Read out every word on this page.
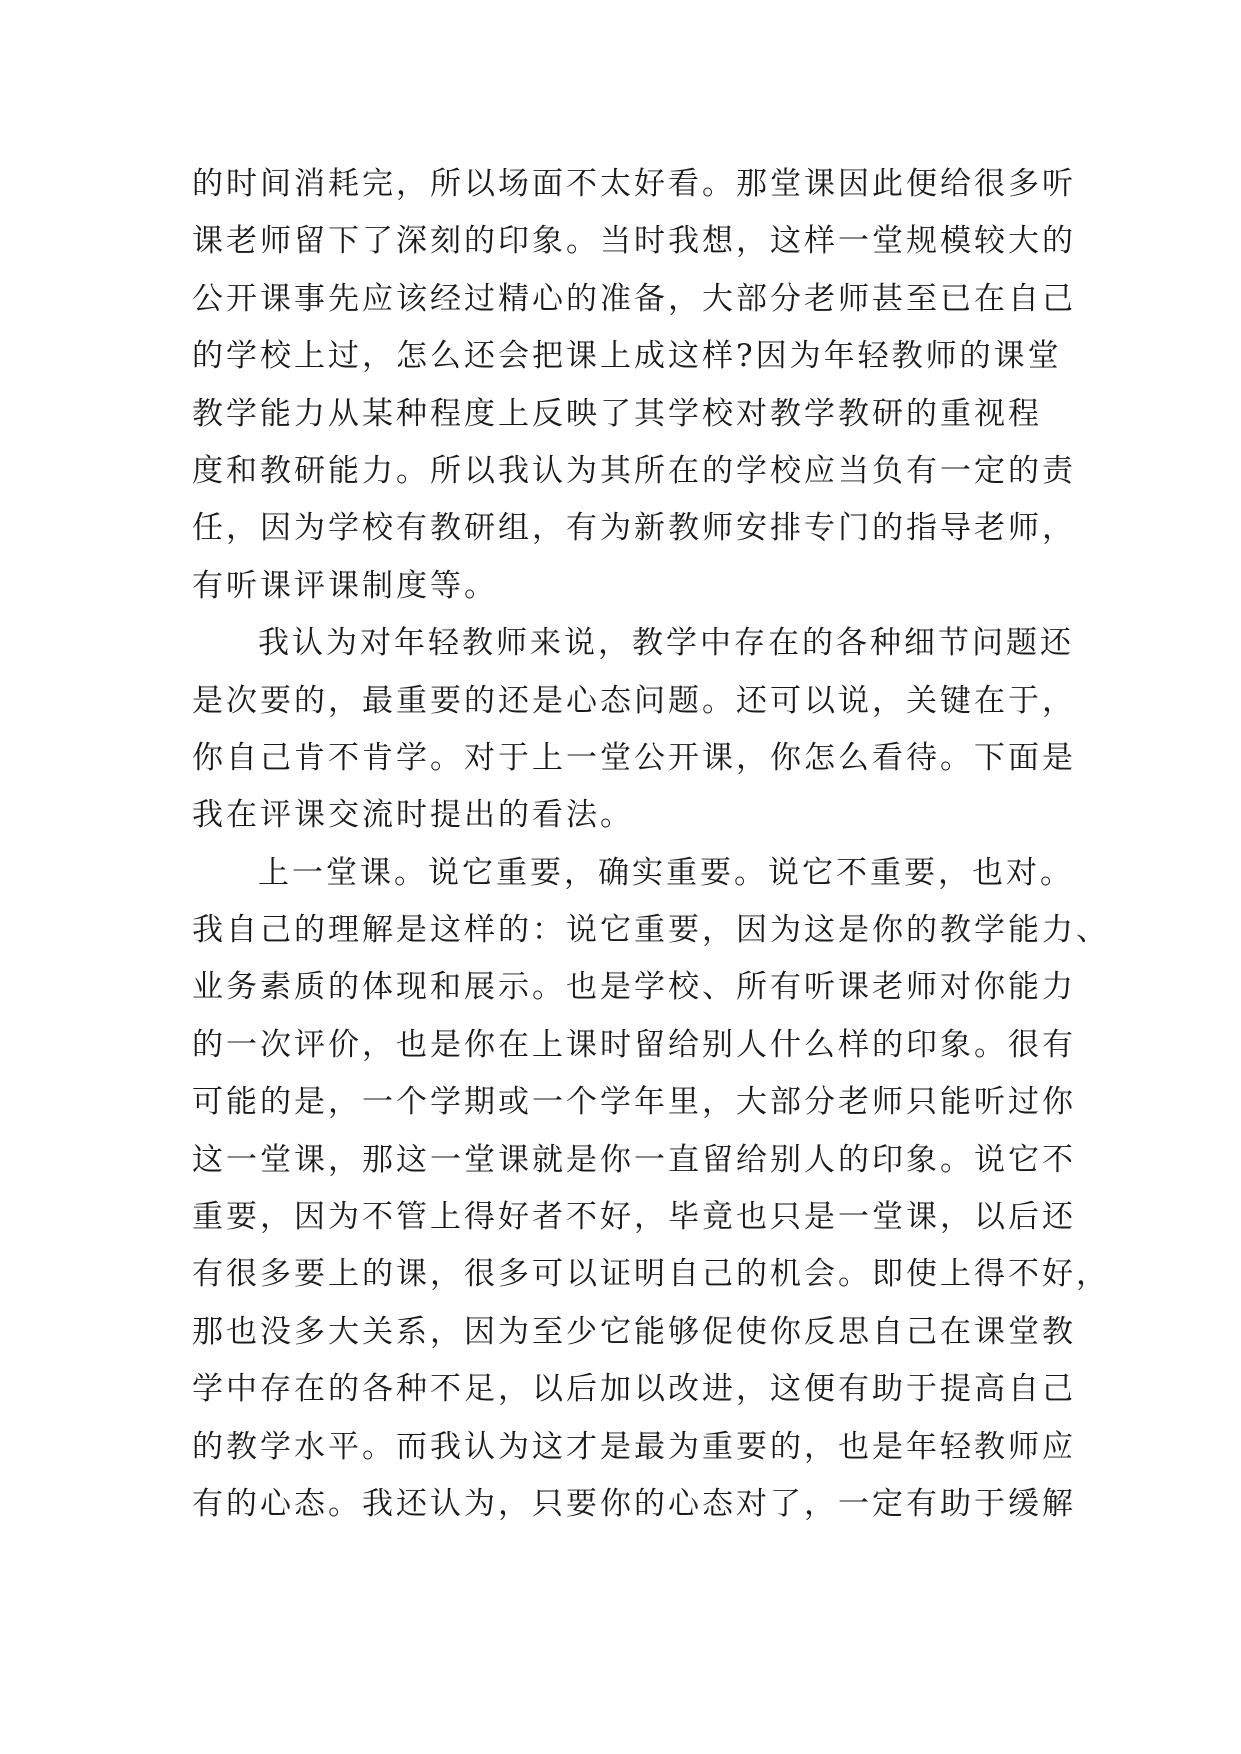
的时间消耗完，所以场面不太好看。那堂课因此便给很多听
课老师留下了深刻的印象。当时我想，这样一堂规模较大的
公开课事先应该经过精心的准备，大部分老师甚至已在自己
的学校上过，怎么还会把课上成这样?因为年轻教师的课堂
教学能力从某种程度上反映了其学校对教学教研的重视程
度和教研能力。所以我认为其所在的学校应当负有一定的责
任，因为学校有教研组，有为新教师安排专门的指导老师，
有听课评课制度等。
我认为对年轻教师来说，教学中存在的各种细节问题还
是次要的，最重要的还是心态问题。还可以说，关键在于，
你自己肯不肯学。对于上一堂公开课，你怎么看待。下面是
我在评课交流时提出的看法。
上一堂课。说它重要，确实重要。说它不重要，也对。
我自己的理解是这样的：说它重要，因为这是你的教学能力、
业务素质的体现和展示。也是学校、所有听课老师对你能力
的一次评价，也是你在上课时留给别人什么样的印象。很有
可能的是，一个学期或一个学年里，大部分老师只能听过你
这一堂课，那这一堂课就是你一直留给别人的印象。说它不
重要，因为不管上得好者不好，毕竟也只是一堂课，以后还
有很多要上的课，很多可以证明自己的机会。即使上得不好，
那也没多大关系，因为至少它能够促使你反思自己在课堂教
学中存在的各种不足，以后加以改进，这便有助于提高自己
的教学水平。而我认为这才是最为重要的，也是年轻教师应
有的心态。我还认为，只要你的心态对了，一定有助于缓解
